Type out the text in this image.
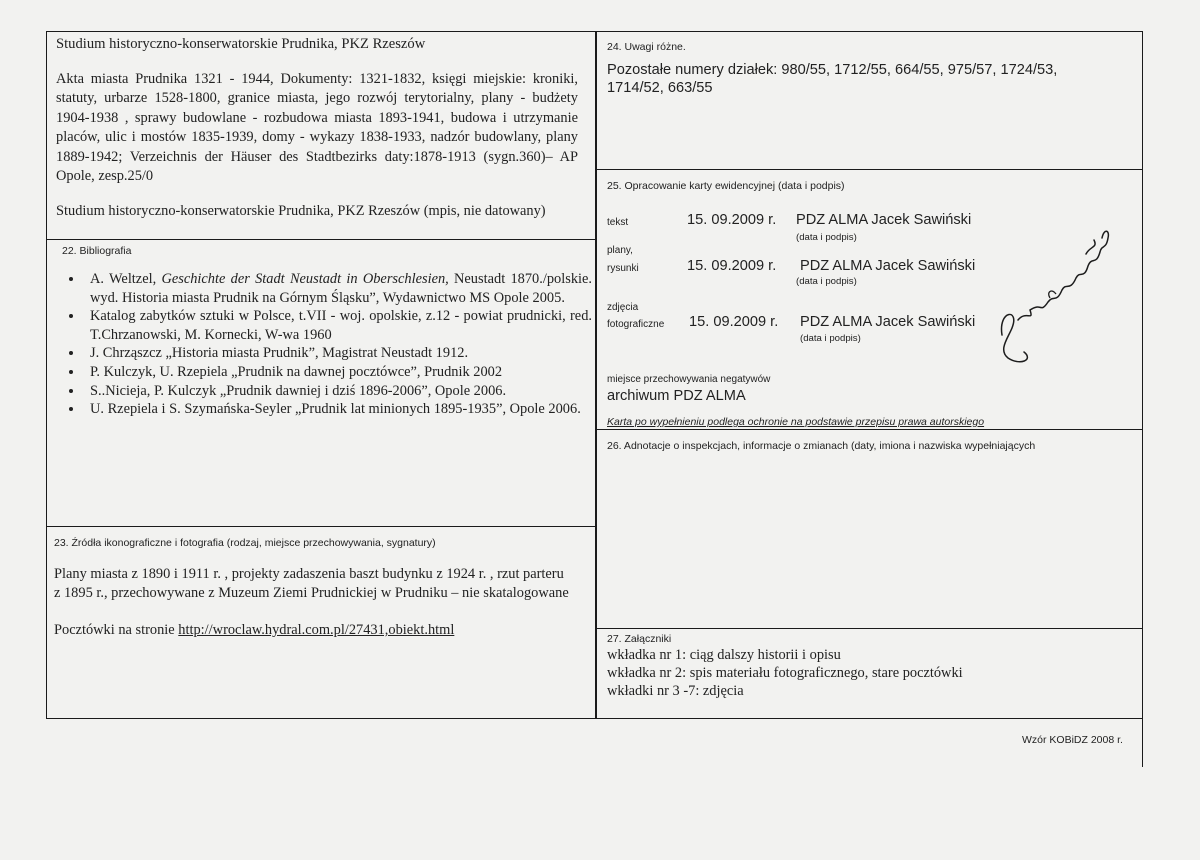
Studium historyczno-konserwatorskie Prudnika, PKZ Rzeszów

Akta miasta Prudnika 1321 - 1944, Dokumenty: 1321-1832, księgi miejskie: kroniki, statuty, urbarze 1528-1800, granice miasta, jego rozwój terytorialny, plany - budżety 1904-1938 , sprawy budowlane - rozbudowa miasta 1893-1941, budowa i utrzymanie placów, ulic i mostów 1835-1939, domy - wykazy 1838-1933, nadzór budowlany, plany 1889-1942; Verzeichnis der Häuser des Stadtbezirks daty:1878-1913 (sygn.360)– AP Opole, zesp.25/0

Studium historyczno-konserwatorskie Prudnika, PKZ Rzeszów (mpis, nie datowany)

22. Bibliografia
• A. Weltzel, Geschichte der Stadt Neustadt in Oberschlesien, Neustadt 1870./polskie. wyd. Historia miasta Prudnik na Górnym Śląsku”, Wydawnictwo MS Opole 2005.
• Katalog zabytków sztuki w Polsce, t.VII - woj. opolskie, z.12 - powiat prudnicki, red. T.Chrzanowski, M. Kornecki, W-wa 1960
• J. Chrząszcz „Historia miasta Prudnik”, Magistrat Neustadt 1912.
• P. Kulczyk, U. Rzepiela „Prudnik na dawnej pocztówce”, Prudnik 2002
• S..Niciejа, P. Kulczyk „Prudnik dawniej i dziś 1896-2006”, Opole 2006.
• U. Rzepiela i S. Szymańska-Seyler „Prudnik lat minionych 1895-1935”, Opole 2006.
23. Źródła ikonograficzne i fotografia (rodzaj, miejsce przechowywania, sygnatury)

Plany miasta z 1890 i 1911 r. , projekty zadaszenia baszt budynku z 1924 r. , rzut parteru z 1895 r., przechowywane z Muzeum Ziemi Prudnickiej w Prudniku – nie skatalogowane

Pocztówki na stronie http://wroclaw.hydral.com.pl/27431,obiekt.html
24. Uwagi różne.
Pozostałe numery działek: 980/55, 1712/55, 664/55, 975/57, 1724/53, 1714/52, 663/55
25. Opracowanie karty ewidencyjnej (data i podpis)
tekst	15. 09.2009 r. PDZ ALMA Jacek Sawiński
(data i podpis)
plany,
rysunki	15. 09.2009 r. PDZ ALMA Jacek Sawiński
(data i podpis)
zdjęcia
fotograficzne 15. 09.2009 r. PDZ ALMA Jacek Sawiński
(data i podpis)
miejsce przechowywania negatywów
archiwum PDZ ALMA
Karta po wypełnieniu podlega ochronie na podstawie przepisu prawa autorskiego
26. Adnotacje o inspekcjach, informacje o zmianach (daty, imiona i nazwiska wypełniających
27. Załączniki
wkładka nr 1: ciąg dalszy historii i opisu
wkładka nr 2: spis materiału fotograficznego, stare pocztówki
wkładki nr 3 -7: zdjęcia
Wzór KOBiDZ 2008 r.
